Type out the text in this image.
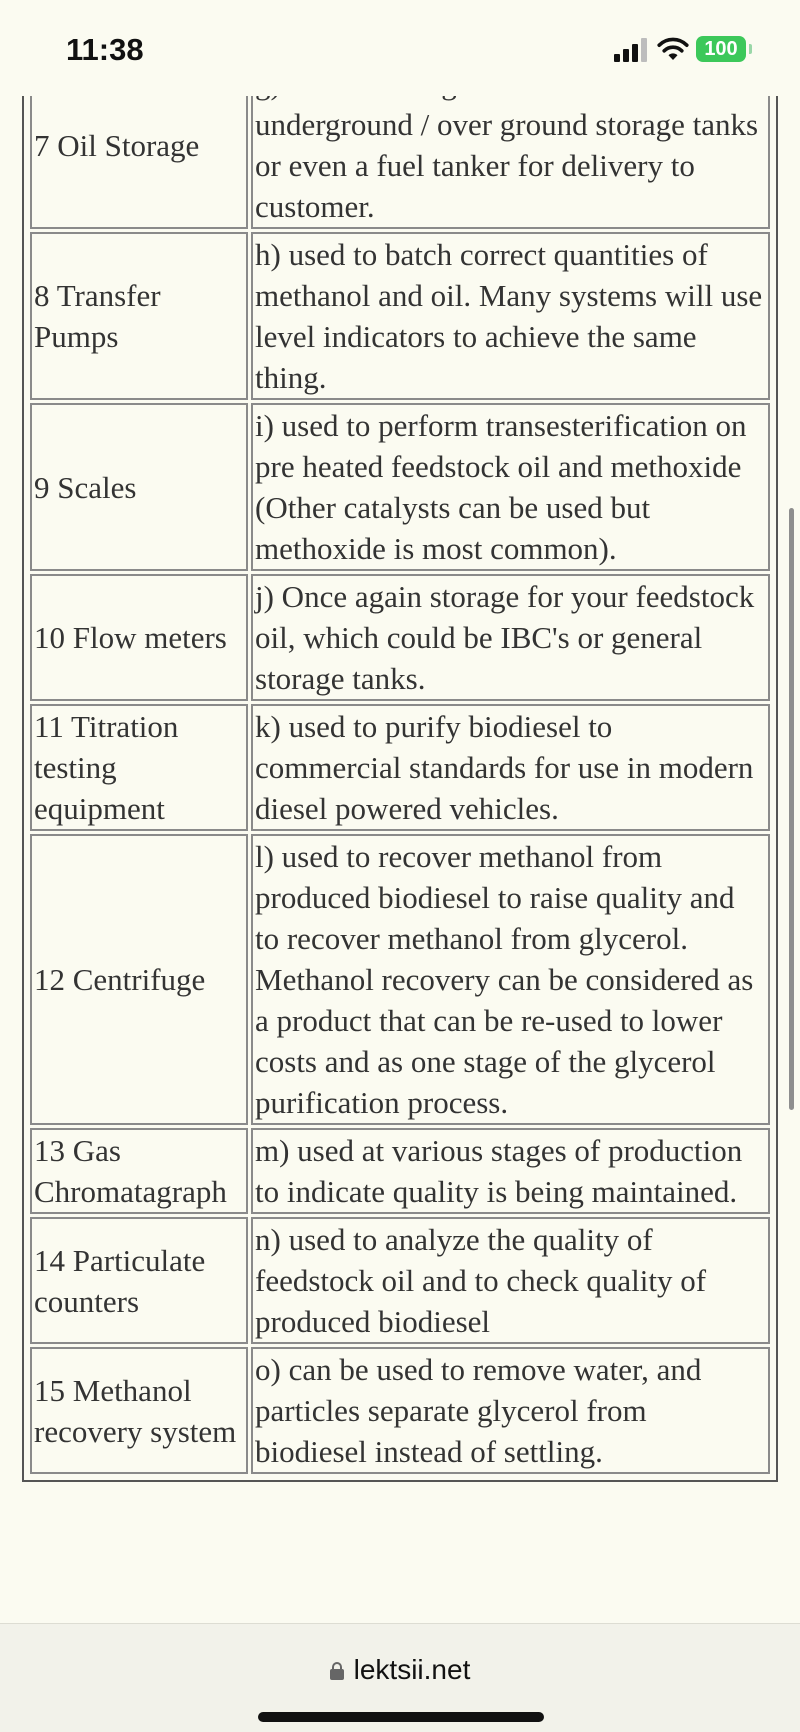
11:38	100
7 Oil Storage	underground / over ground storage tanks or even a fuel tanker for delivery to customer.
8 Transfer Pumps	h) used to batch correct quantities of methanol and oil. Many systems will use level indicators to achieve the same thing.
9 Scales	i) used to perform transesterification on pre heated feedstock oil and methoxide (Other catalysts can be used but methoxide is most common).
10 Flow meters	j) Once again storage for your feedstock oil, which could be IBC's or general storage tanks.
11 Titration testing equipment	k) used to purify biodiesel to commercial standards for use in modern diesel powered vehicles.
12 Centrifuge	l) used to recover methanol from produced biodiesel to raise quality and to recover methanol from glycerol. Methanol recovery can be considered as a product that can be re-used to lower costs and as one stage of the glycerol purification process.
13 Gas Chromatagraph	m) used at various stages of production to indicate quality is being maintained.
14 Particulate counters	n) used to analyze the quality of feedstock oil and to check quality of produced biodiesel
15 Methanol recovery system	o) can be used to remove water, and particles separate glycerol from biodiesel instead of settling.
lektsii.net
